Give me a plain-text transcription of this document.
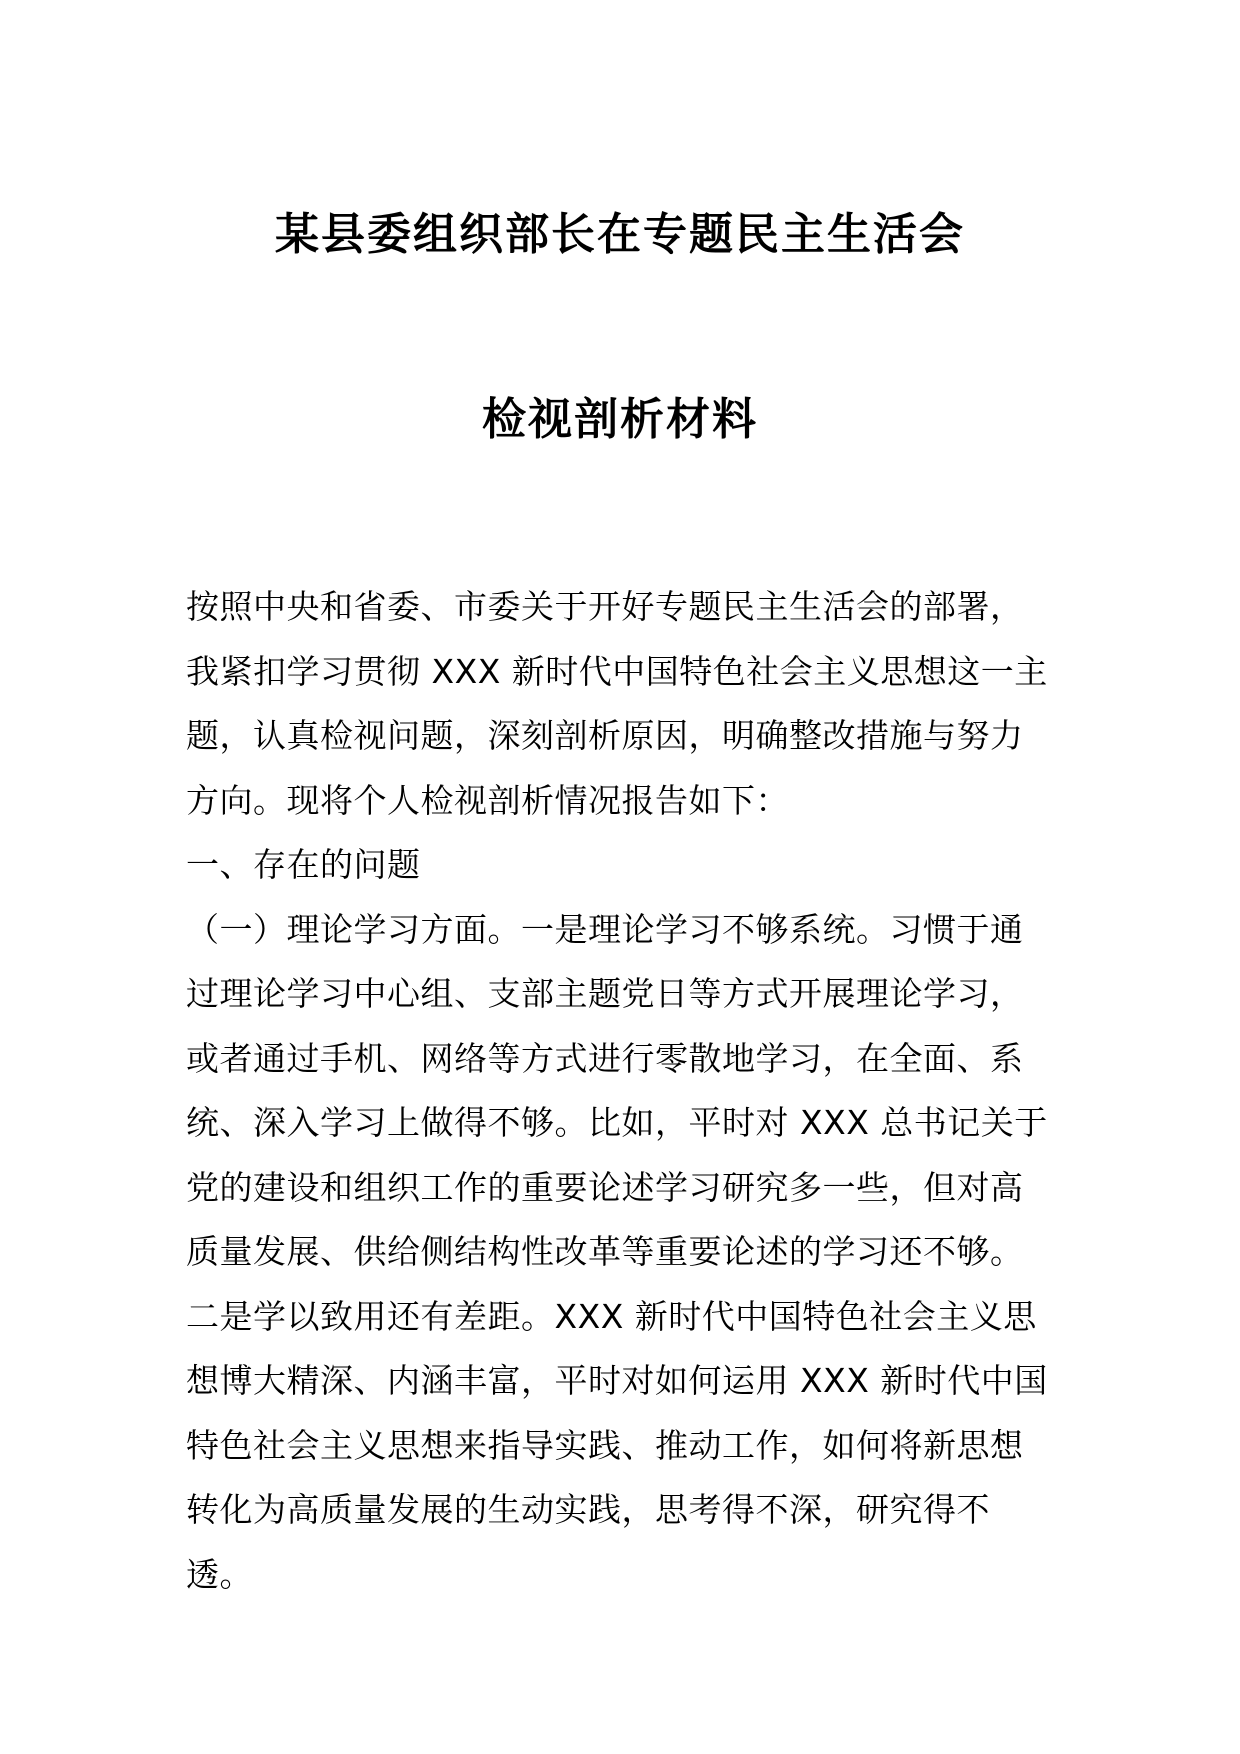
某县委组织部长在专题民主生活会
检视剖析材料

按照中央和省委、市委关于开好专题民主生活会的部署，我紧扣学习贯彻 XXX 新时代中国特色社会主义思想这一主题，认真检视问题，深刻剖析原因，明确整改措施与努力方向。现将个人检视剖析情况报告如下：

一、存在的问题

（一）理论学习方面。一是理论学习不够系统。习惯于通过理论学习中心组、支部主题党日等方式开展理论学习，或者通过手机、网络等方式进行零散地学习，在全面、系统、深入学习上做得不够。比如，平时对 XXX 总书记关于党的建设和组织工作的重要论述学习研究多一些，但对高质量发展、供给侧结构性改革等重要论述的学习还不够。二是学以致用还有差距。XXX 新时代中国特色社会主义思想博大精深、内涵丰富，平时对如何运用 XXX 新时代中国特色社会主义思想来指导实践、推动工作，如何将新思想转化为高质量发展的生动实践，思考得不深，研究得不透。
